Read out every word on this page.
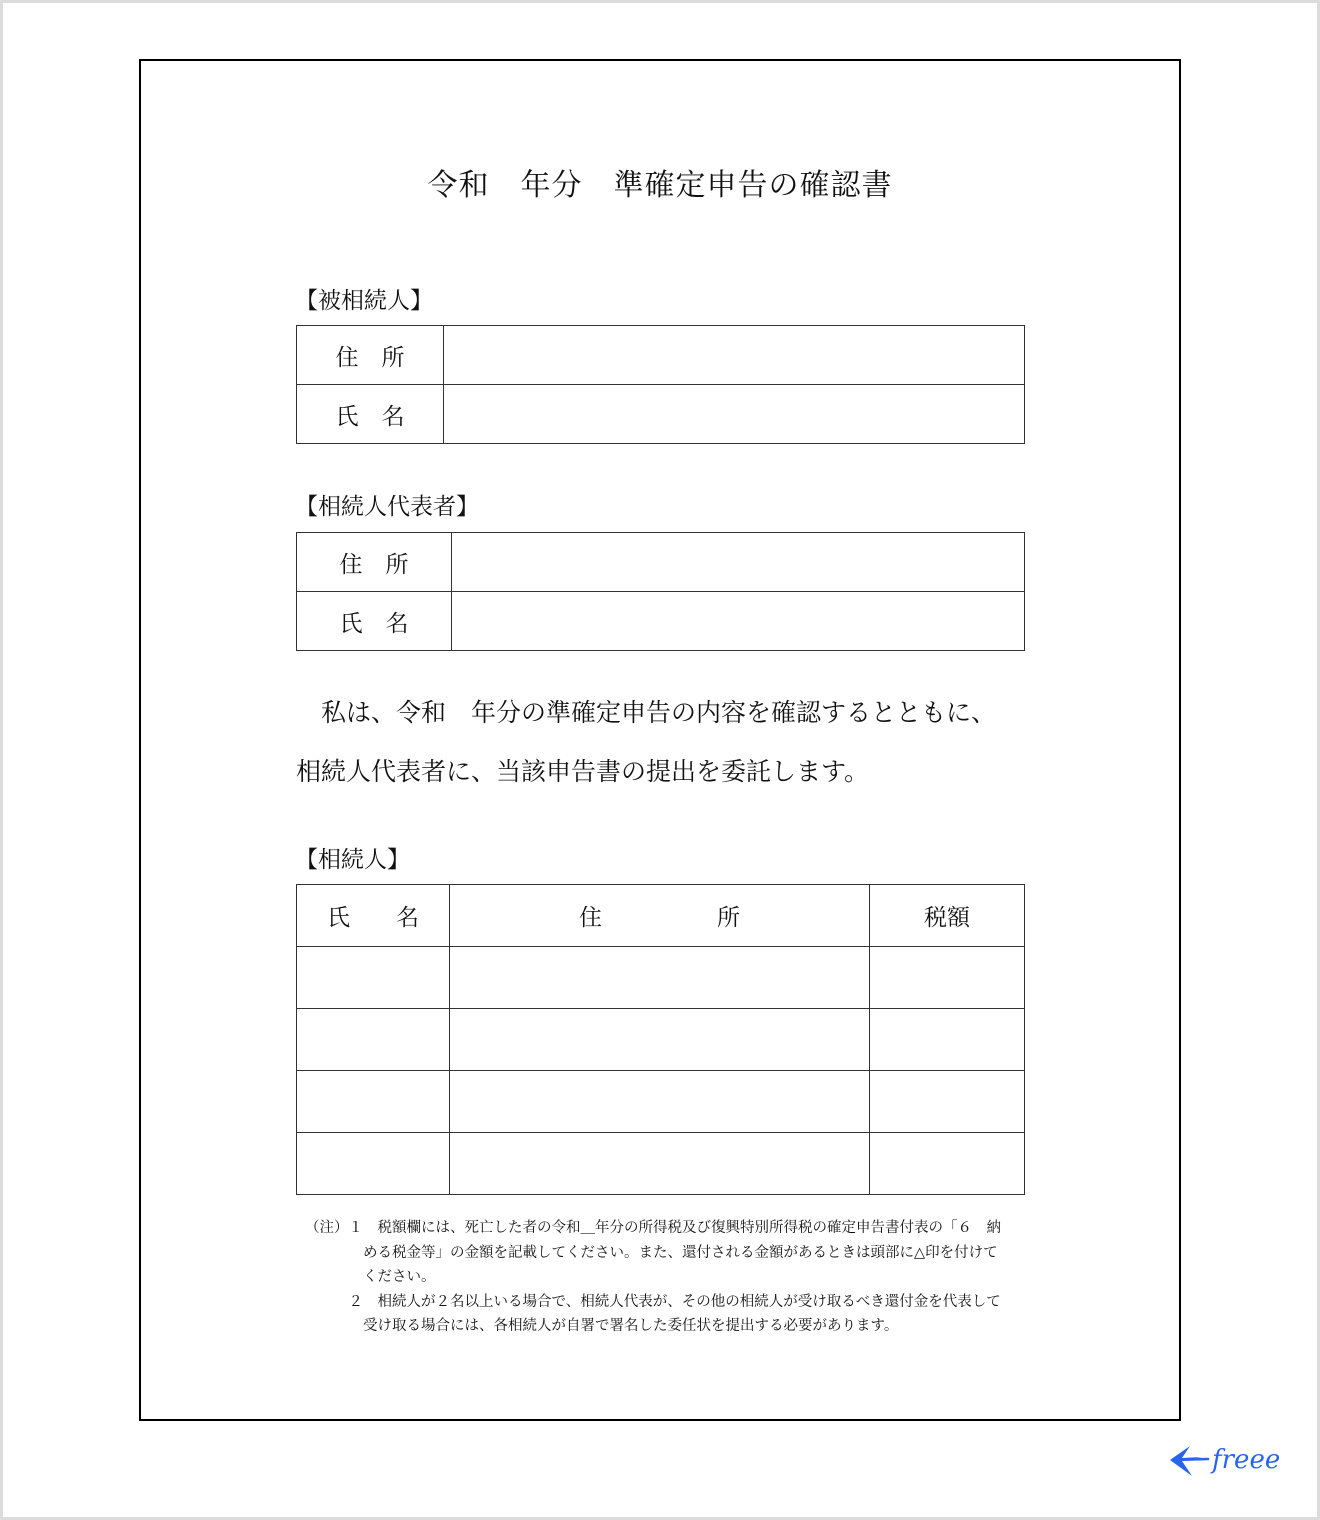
令和　年分　準確定申告の確認書
【被相続人】
住　所	
氏　名	
【相続人代表者】
住　所	
氏　名	
　私は、令和　年分の準確定申告の内容を確認するとともに、
相続人代表者に、当該申告書の提出を委託します。
【相続人】
氏　　名	住　　　　　所	税額

（注）１　税額欄には、死亡した者の令和＿年分の所得税及び復興特別所得税の確定申告書付表の「６　納
　　　　める税金等」の金額を記載してください。また、還付される金額があるときは頭部に△印を付けて
　　　　ください。
　　　２　相続人が２名以上いる場合で、相続人代表が、その他の相続人が受け取るべき還付金を代表して
　　　　受け取る場合には、各相続人が自署で署名した委任状を提出する必要があります。
freee
